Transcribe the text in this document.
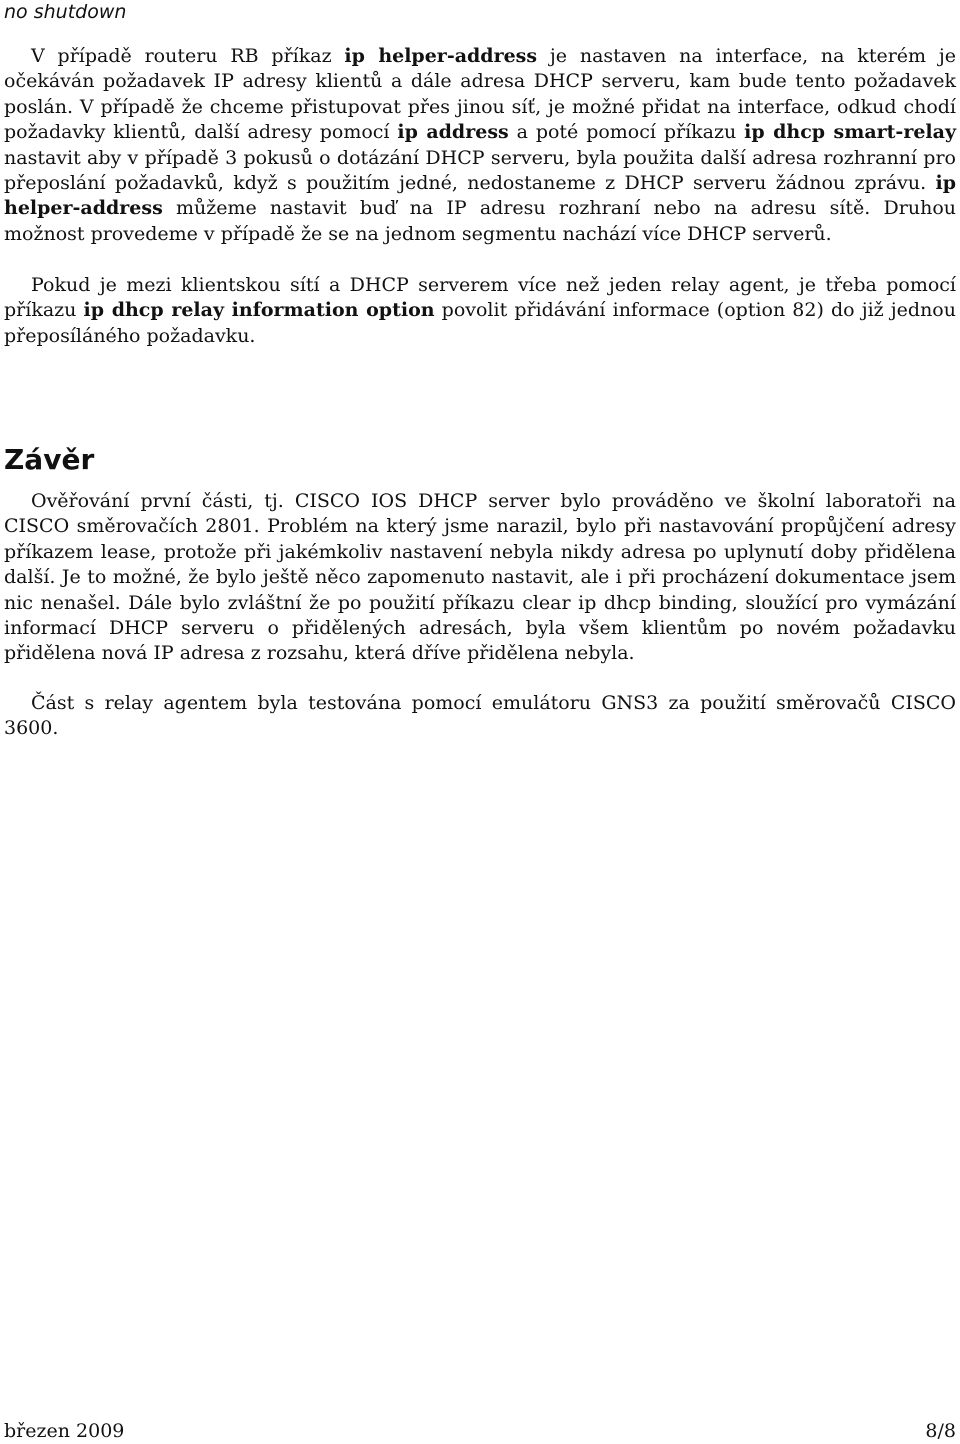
no shutdown

V případě routeru RB příkaz ip helper-address je nastaven na interface, na kterém je očekáván požadavek IP adresy klientů a dále adresa DHCP serveru, kam bude tento požadavek poslán. V případě že chceme přistupovat přes jinou síť, je možné přidat na interface, odkud chodí požadavky klientů, další adresy pomocí ip address a poté pomocí příkazu ip dhcp smart-relay nastavit aby v případě 3 pokusů o dotázání DHCP serveru, byla použita další adresa rozhranní pro přeposlání požadavků, když s použitím jedné, nedostaneme z DHCP serveru žádnou zprávu. ip helper-address můžeme nastavit buď na IP adresu rozhraní nebo na adresu sítě. Druhou možnost provedeme v případě že se na jednom segmentu nachází více DHCP serverů.

Pokud je mezi klientskou sítí a DHCP serverem více než jeden relay agent, je třeba pomocí příkazu ip dhcp relay information option povolit přidávání informace (option 82) do již jednou přeposíláného požadavku.

Závěr

Ověřování první části, tj. CISCO IOS DHCP server bylo prováděno ve školní laboratoři na CISCO směrovačích 2801. Problém na který jsme narazil, bylo při nastavování propůjčení adresy příkazem lease, protože při jakémkoliv nastavení nebyla nikdy adresa po uplynutí doby přidělena další. Je to možné, že bylo ještě něco zapomenuto nastavit, ale i při procházení dokumentace jsem nic nenašel. Dále bylo zvláštní že po použití příkazu clear ip dhcp binding, sloužící pro vymázání informací DHCP serveru o přidělených adresách, byla všem klientům po novém požadavku přidělena nová IP adresa z rozsahu, která dříve přidělena nebyla.

Část s relay agentem byla testována pomocí emulátoru GNS3 za použití směrovačů CISCO 3600.

březen 2009	8/8
